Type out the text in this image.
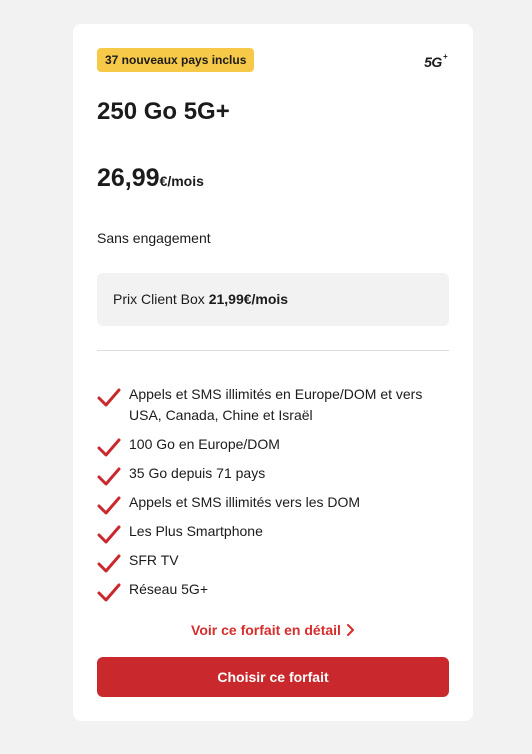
37 nouveaux pays inclus	5G+
250 Go 5G+
26,99€/mois
Sans engagement
Prix Client Box 21,99€/mois
Appels et SMS illimités en Europe/DOM et vers USA, Canada, Chine et Israël
100 Go en Europe/DOM
35 Go depuis 71 pays
Appels et SMS illimités vers les DOM
Les Plus Smartphone
SFR TV
Réseau 5G+
Voir ce forfait en détail
Choisir ce forfait
